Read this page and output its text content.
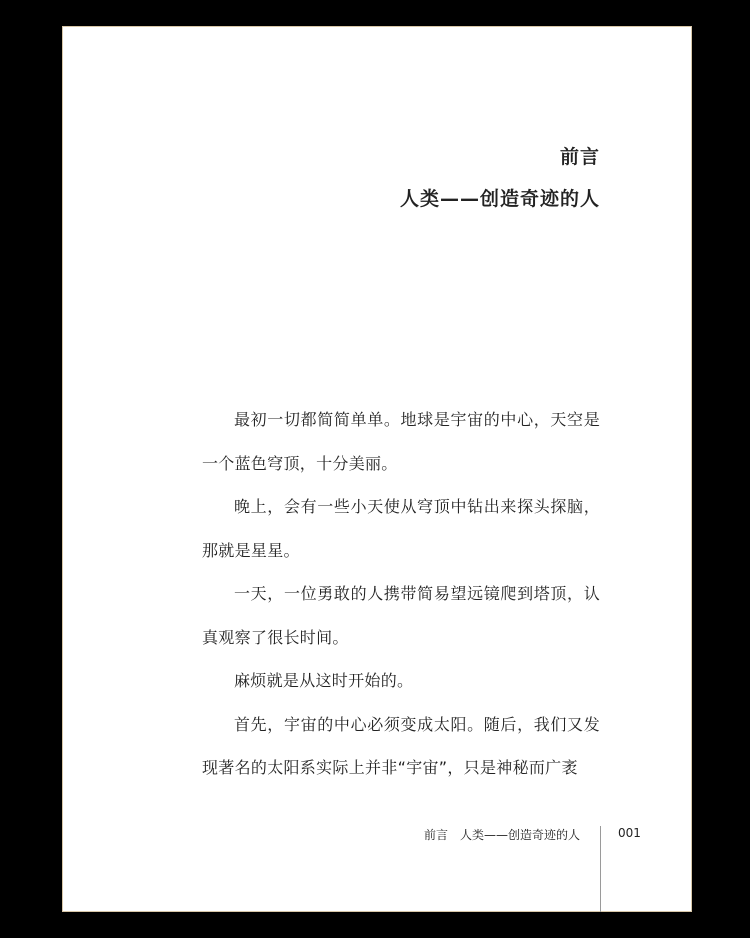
前言
人类——创造奇迹的人

最初一切都简简单单。地球是宇宙的中心，天空是一个蓝色穹顶，十分美丽。

晚上，会有一些小天使从穹顶中钻出来探头探脑，那就是星星。

一天，一位勇敢的人携带简易望远镜爬到塔顶，认真观察了很长时间。

麻烦就是从这时开始的。

首先，宇宙的中心必须变成太阳。随后，我们又发现著名的太阳系实际上并非“宇宙”，只是神秘而广袤

前言　人类——创造奇迹的人	001
